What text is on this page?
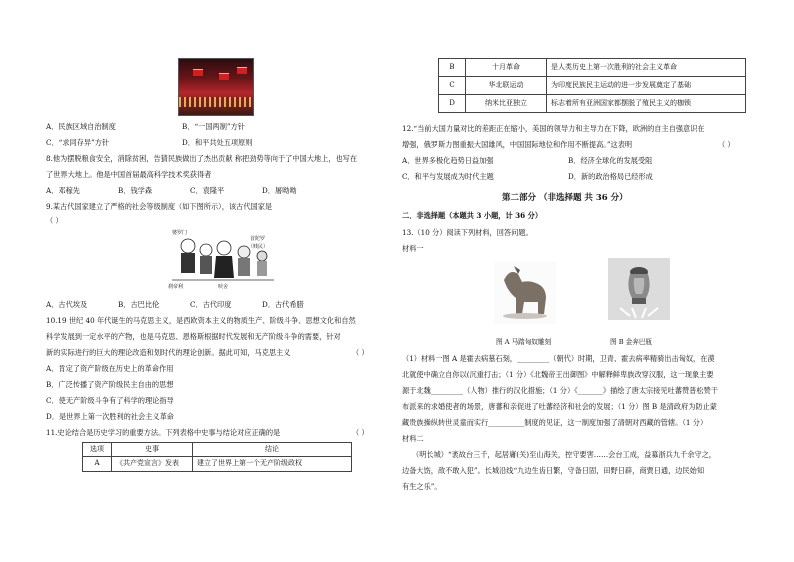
A．民族区域自治制度	B．“一国两制”方针
C．“求同存异”方针	D．和平共处五项原则
8.他为摆脱粮食安全，消除贫困，告猜民族做出了杰出贡献 称把劲势等向于了中国大地上，也写在
了世界大地上。他是中国首届最高科学技术奖获得者
A．邓稼先	B．钱学森	C．袁隆平	D．屠呦呦
9.某古代国家建立了严格的社会等级制度（如下图所示），该古代国家是
（ ）
婆罗门
刹帝利	吠舍
首陀罗
（贱民）
A．古代埃及	B．古巴比伦	C．古代印度	D．古代希腊
10.19 世纪 40 年代诞生的马克思主义，是西欧资本主义的物质生产、阶级斗争、思想文化和自然
科学发展到一定水平的产物，也是马克思、恩格斯根据时代发展和无产阶级斗争的需要，针对
新的实际进行的巨大的理论改造和划时代的理论创新。据此可知，马克思主义	（ ）
A．肯定了资产阶级在历史上的革命作用
B．广泛传播了资产阶级民主自由的思想
C．使无产阶级斗争有了科学的理论指导
D．是世界上第一次胜利的社会主义革命
11.史论结合是历史学习的重要方法。下列表格中史事与结论对应正确的是	（ ）
选项	史事	结论
A	《共产党宣言》发表	建立了世界上第一个无产阶级政权
B	十月革命	是人类历史上第一次胜利的社会主义革命
C	华北联运动	为印度民族民主运动的进一步发展奠定了基础
D	纳米比亚独立	标志着所有亚洲国家都摆脱了殖民主义的枷锁
12.“当前大国力量对比的差距正在缩小，美国的领导力和主导力在下降，欧洲的自主自强意识在
增强，俄罗斯力图重振大国雄风，中国国际地位和作用不断提高。”这表明	（ ）
A．世界多极化趋势日益加强	B．经济全球化的发展受阻
C．和平与发展成为时代主题	D．新的政治格局已经形成
第二部分 （非选择题 共 36 分）
二．非选择题（本题共 3 小题，计 36 分）
13.（10 分）阅读下列材料，回答问题。
材料一
图 A 马踏匈奴雕刻	图 B 金奔巴瓶
（1）材料一图 A 是霍去病墓石刻，_________（朝代）时期，卫青、霍去病率精骑出击匈奴，在漠
北就使中确立自你以(沉重打击；（1 分）《北魏帝王出御图》中解释鲜卑族改穿汉服，这一现象主要
源于北魏_________（人物）推行的汉化措施；（1 分）《_______》描绘了唐太宗接见吐蕃赞普松赞干
布派来的求婚使者的场景，唐蕃和亲促进了吐蕃经济和社会的发展；（1 分）图 B 是清政府为防止蒙
藏贵族操纵转世灵童而实行__________制度的见证，这一制度加强了清朝对西藏的管辖。（1 分）
材料二
（明长城）“袤故台三千，起居庸(关)至山海关，控守要害……会台工成，益募浙兵九千余守之，
边备大饬，敌不敢入犯”。长城沿线“九边生齿日繁，守备日固，田野日辟，商贾日通，边民始知
有生之乐”。
